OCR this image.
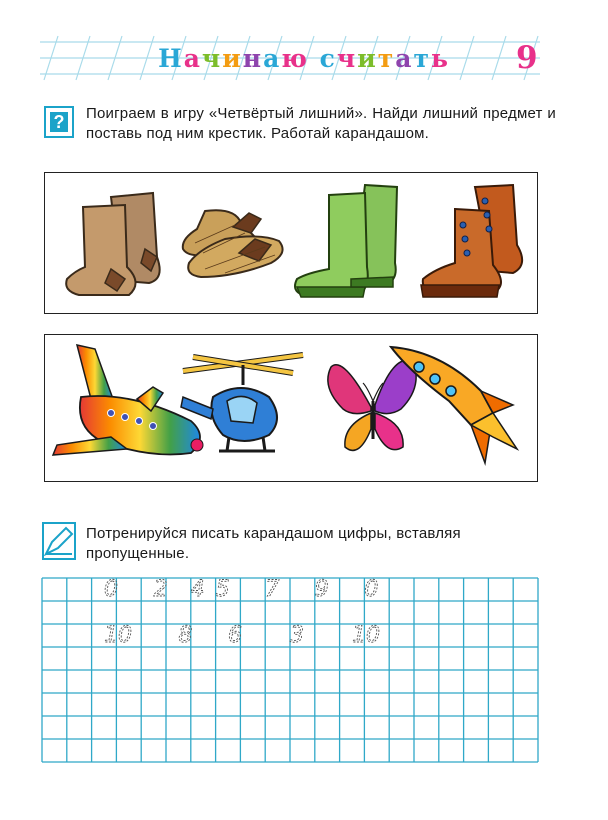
Начинаю считать	9
? Поиграем в игру «Четвёртый лишний». Найди лишний предмет и поставь под ним крестик. Работай карандашом.
Потренируйся писать карандашом цифры, вставляя пропущенные.
0 2 4 5 7 9 0
10 8 6 3 10
